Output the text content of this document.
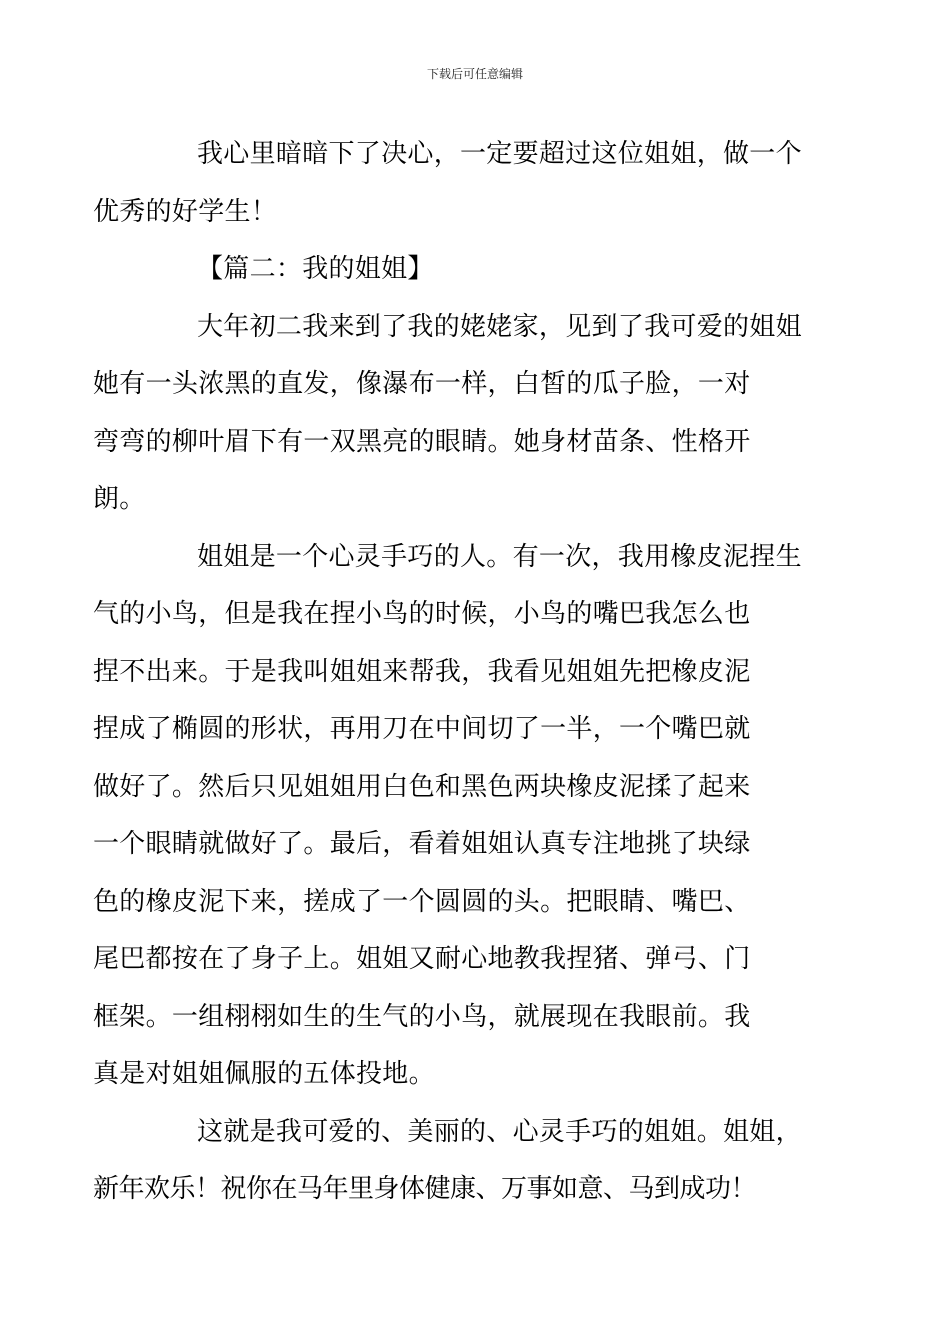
下载后可任意编辑

我心里暗暗下了决心，一定要超过这位姐姐，做一个
优秀的好学生！

【篇二：我的姐姐】

大年初二我来到了我的姥姥家，见到了我可爱的姐姐
她有一头浓黑的直发，像瀑布一样，白皙的瓜子脸，一对
弯弯的柳叶眉下有一双黑亮的眼睛。她身材苗条、性格开
朗。

姐姐是一个心灵手巧的人。有一次，我用橡皮泥捏生
气的小鸟，但是我在捏小鸟的时候，小鸟的嘴巴我怎么也
捏不出来。于是我叫姐姐来帮我，我看见姐姐先把橡皮泥
捏成了椭圆的形状，再用刀在中间切了一半，一个嘴巴就
做好了。然后只见姐姐用白色和黑色两块橡皮泥揉了起来
一个眼睛就做好了。最后，看着姐姐认真专注地挑了块绿
色的橡皮泥下来，搓成了一个圆圆的头。把眼睛、嘴巴、
尾巴都按在了身子上。姐姐又耐心地教我捏猪、弹弓、门
框架。一组栩栩如生的生气的小鸟，就展现在我眼前。我
真是对姐姐佩服的五体投地。

这就是我可爱的、美丽的、心灵手巧的姐姐。姐姐，
新年欢乐！祝你在马年里身体健康、万事如意、马到成功！
